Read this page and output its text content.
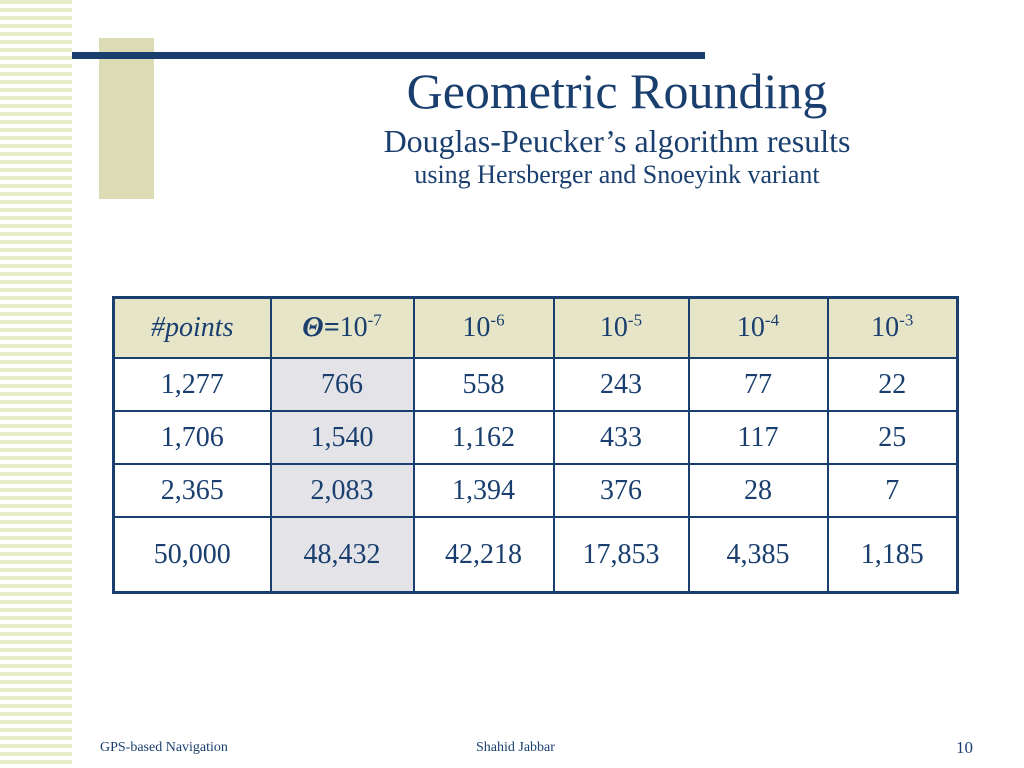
Geometric Rounding
Douglas-Peucker’s algorithm results
using Hersberger and Snoeyink variant
#points	$\Theta=10^{-7}$	$10^{-6}$	$10^{-5}$	$10^{-4}$	$10^{-3}$
1,277	766	558	243	77	22
1,706	1,540	1,162	433	117	25
2,365	2,083	1,394	376	28	7
50,000	48,432	42,218	17,853	4,385	1,185
GPS-based Navigation	Shahid Jabbar	10
